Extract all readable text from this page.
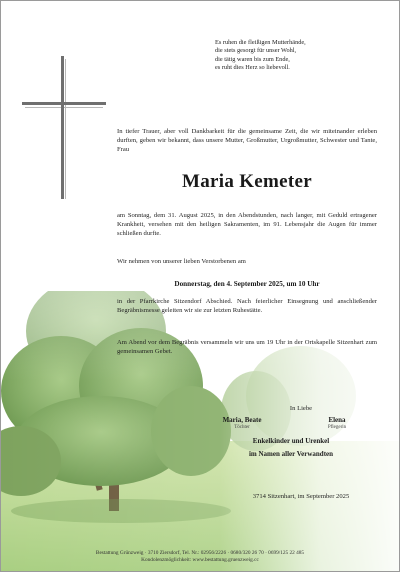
Es ruhen die fleißigen Mutterhände,
die stets gesorgt für unser Wohl,
die tätig waren bis zum Ende,
es ruht dies Herz so liebevoll.
In tiefer Trauer, aber voll Dankbarkeit für die gemeinsame Zeit, die wir miteinander erleben durften, geben wir bekannt, dass unsere Mutter, Großmutter, Urgroßmutter, Schwester und Tante, Frau
Maria Kemeter
am Sonntag, dem 31. August 2025, in den Abendstunden, nach langer, mit Geduld ertragener Krankheit, versehen mit den heiligen Sakramenten, im 91. Lebensjahr die Augen für immer schließen durfte.
Wir nehmen von unserer lieben Verstorbenen am
Donnerstag, den 4. September 2025, um 10 Uhr
in der Pfarrkirche Sitzendorf Abschied. Nach feierlicher Einsegnung und anschließender Begräbnismesse geleiten wir sie zur letzten Ruhestätte.
Am Abend vor dem Begräbnis versammeln wir uns um 19 Uhr in der Ortskapelle Sitzenhart zum gemeinsamen Gebet.
In Liebe
Maria, Beate
Töchter
Elena
Pflegerin
Enkelkinder und Urenkel
im Namen aller Verwandten
3714 Sitzenhart, im September 2025
Bestattung Grünzweig · 3710 Ziersdorf, Tel. Nr.: 02956/2226 · 0680/320 26 70 · 0699/125 22 485
Kondolenzmöglichkeit: www.bestattung.gruenzweig.cc
